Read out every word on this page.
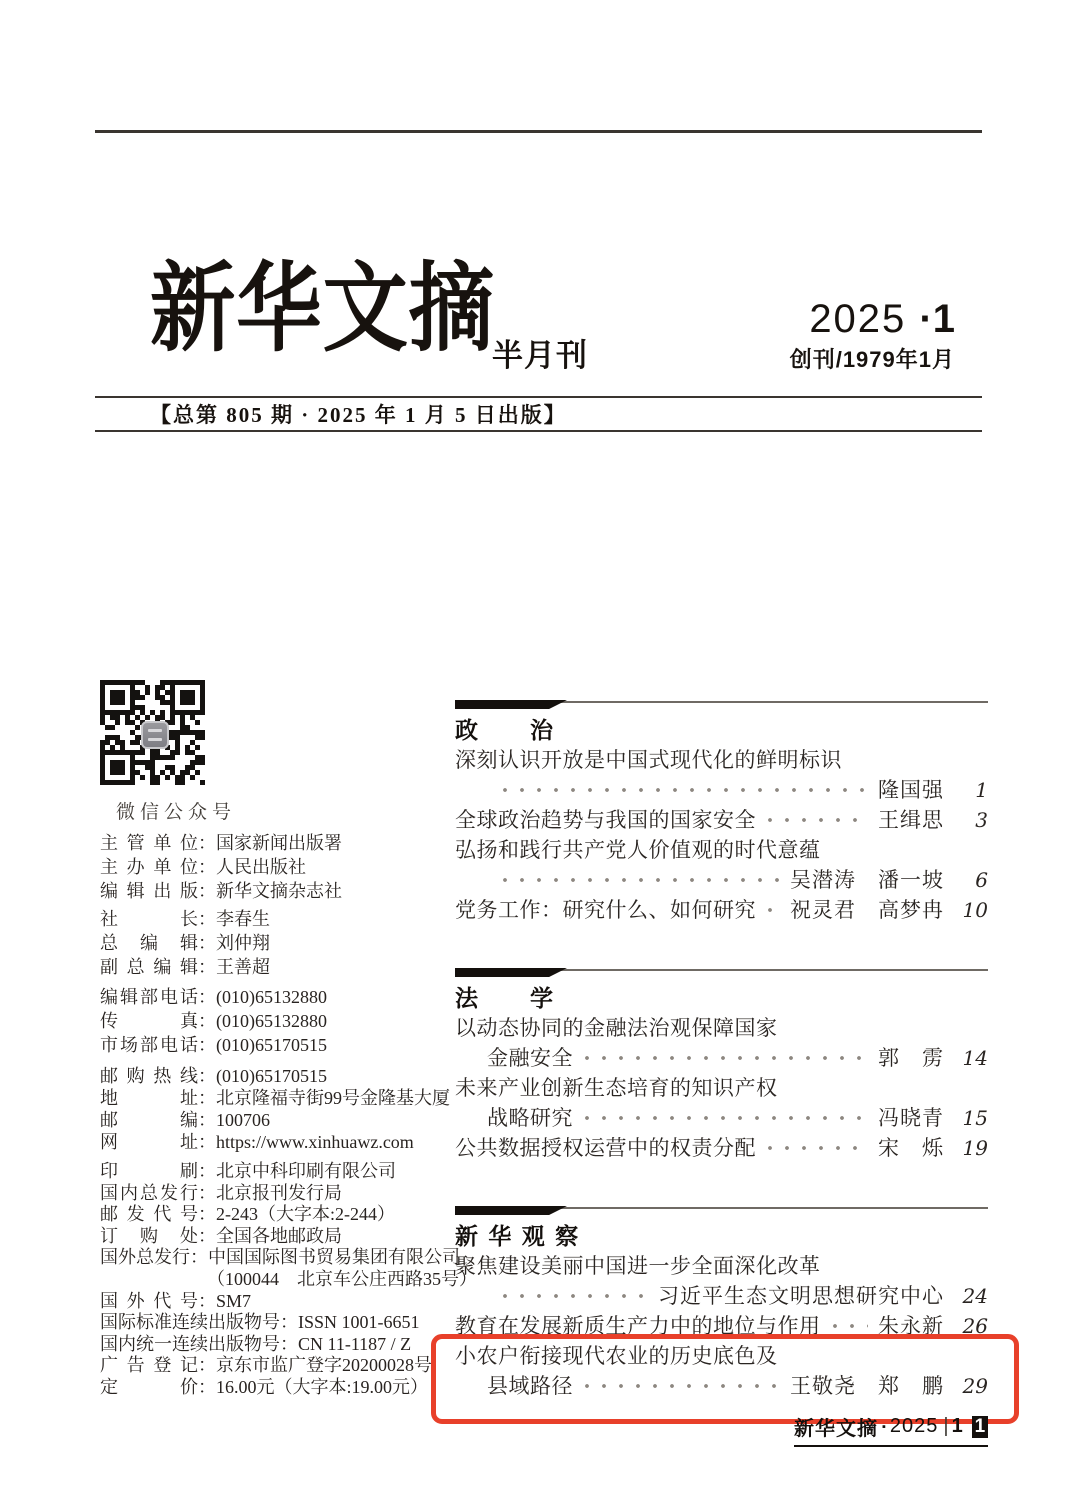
新华文摘
半月刊
2025 ·1
创刊/1979年1月
【总第 805 期 · 2025 年 1 月 5 日出版】
微信公众号
主管单位 ： 国家新闻出版署
主办单位 ： 人民出版社
编辑出版 ： 新华文摘杂志社
社长 ： 李春生
总编辑 ： 刘仲翔
副总编辑 ： 王善超
编辑部电话 ： (010)65132880
传真 ： (010)65132880
市场部电话 ： (010)65170515
邮购热线 ： (010)65170515
地址 ： 北京隆福寺街99号金隆基大厦
邮编 ： 100706
网址 ： https://www.xinhuawz.com
印刷 ： 北京中科印刷有限公司
国内总发行 ： 北京报刊发行局
邮发代号 ： 2-243（大字本:2-244）
订购处 ： 全国各地邮政局
国外总发行 ： 中国国际图书贸易集团有限公司
（100044　北京车公庄西路35号）
国外代号 ： SM7
国际标准连续出版物号 ： ISSN 1001-6651
国内统一连续出版物号 ： CN 11-1187 / Z
广告登记 ： 京东市监广登字20200028号
定价 ： 16.00元（大字本:19.00元）
政　　治
深刻认识开放是中国式现代化的鲜明标识
隆国强	1
全球政治趋势与我国的国家安全	王缉思	3
弘扬和践行共产党人价值观的时代意蕴
吴潜涛　潘一坡	6
党务工作：研究什么、如何研究 祝灵君　高梦冉 10
法　　学
以动态协同的金融法治观保障国家
金融安全	郭　雳 14
未来产业创新生态培育的知识产权
战略研究	冯晓青 15
公共数据授权运营中的权责分配	宋　烁 19
新 华 观 察
聚焦建设美丽中国进一步全面深化改革
习近平生态文明思想研究中心 24
教育在发展新质生产力中的地位与作用	朱永新 26
小农户衔接现代农业的历史底色及
县域路径	王敬尧　郑　鹏 29
新华文摘 ▪ 2025 | 1 1
